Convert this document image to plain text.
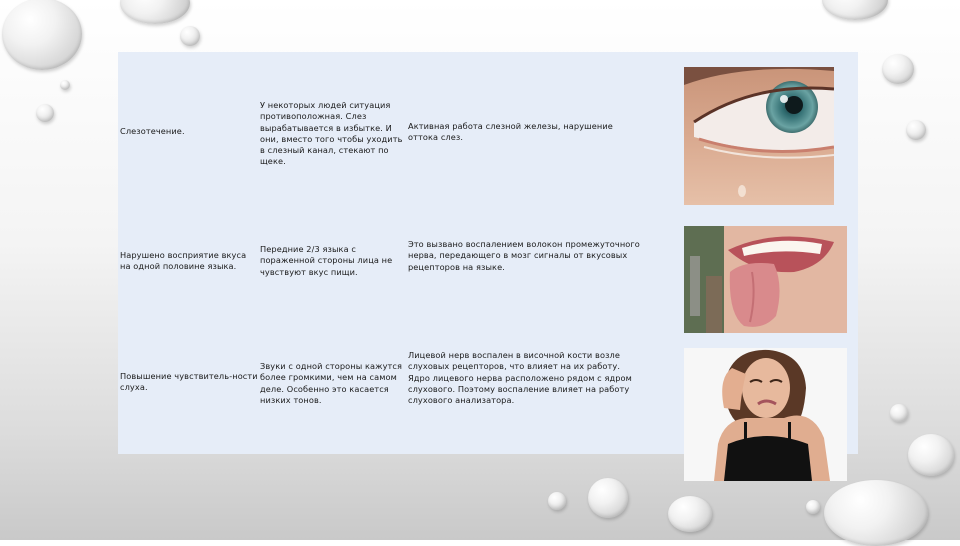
Слезотечение.
У некоторых людей ситуация противоположная. Слез вырабатывается в избытке. И они, вместо того чтобы уходить в слезный канал, стекают по щеке.
Активная работа слезной железы, нарушение оттока слез.
Нарушено восприятие вкуса на одной половине языка.
Передние 2/3 языка с пораженной стороны лица не чувствуют вкус пищи.
Это вызвано воспалением волокон промежуточного нерва, передающего в мозг сигналы от вкусовых рецепторов на языке.
Повышение чувствитель-ности слуха.
Звуки с одной стороны кажутся более громкими, чем на самом деле. Особенно это касается низких тонов.
Лицевой нерв воспален в височной кости возле слуховых рецепторов, что влияет на их работу. Ядро лицевого нерва расположено рядом с ядром слухового. Поэтому воспаление влияет на работу слухового анализатора.
